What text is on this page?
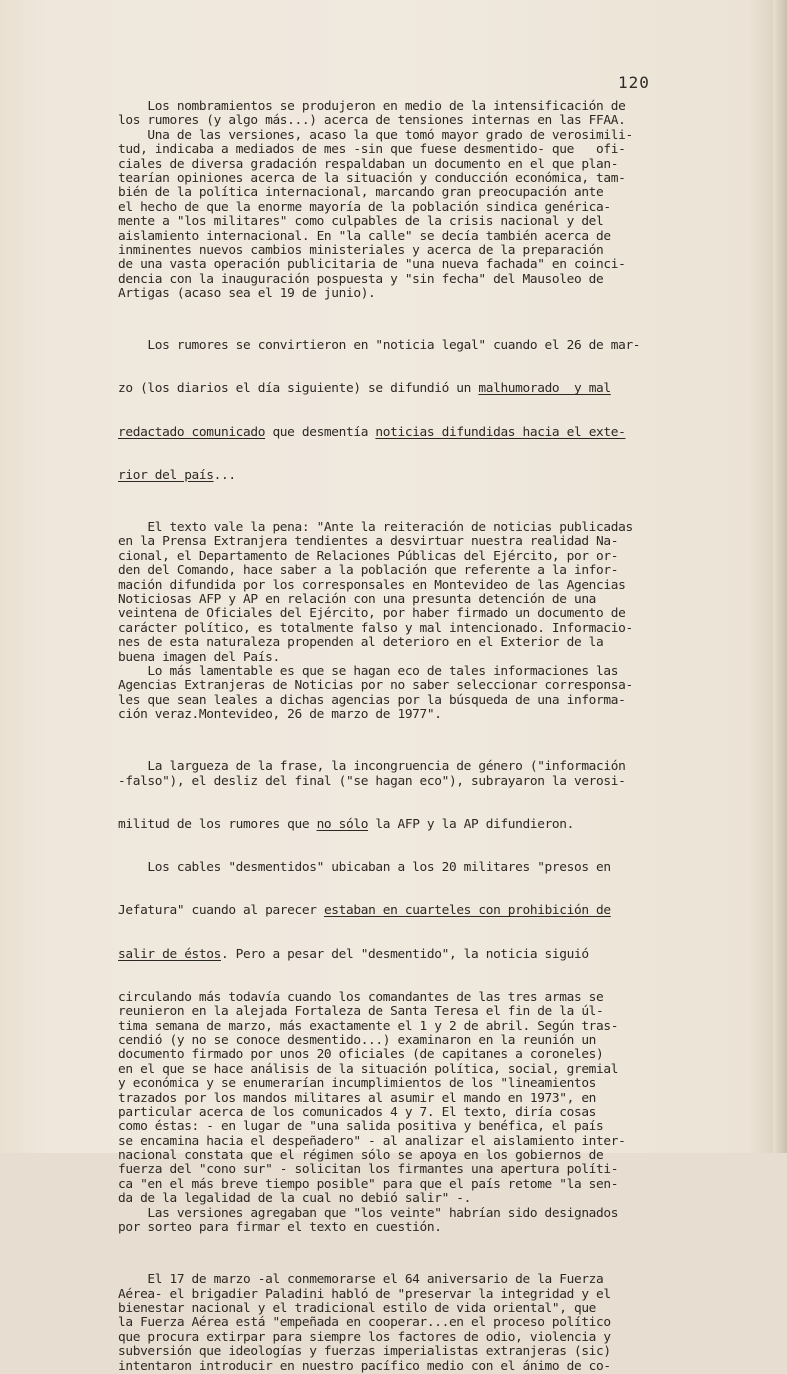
120
Los nombramientos se produjeron en medio de la intensificación de
los rumores (y algo más...) acerca de tensiones internas en las FFAA.
Una de las versiones, acaso la que tomó mayor grado de verosimili-
tud, indicaba a mediados de mes -sin que fuese desmentido- que   ofi-
ciales de diversa gradación respaldaban un documento en el que plan-
tearían opiniones acerca de la situación y conducción económica, tam-
bién de la política internacional, marcando gran preocupación ante
el hecho de que la enorme mayoría de la población sindica genérica-
mente a "los militares" como culpables de la crisis nacional y del
aislamiento internacional. En "la calle" se decía también acerca de
inminentes nuevos cambios ministeriales y acerca de la preparación
de una vasta operación publicitaria de "una nueva fachada" en coinci-
dencia con la inauguración pospuesta y "sin fecha" del Mausoleo de
Artigas (acaso sea el 19 de junio).

Los rumores se convirtieron en "noticia legal" cuando el 26 de mar-

zo (los diarios el día siguiente) se difundió un malhumorado  y mal

redactado comunicado que desmentía noticias difundidas hacia el exte-

rior del país...

El texto vale la pena: "Ante la reiteración de noticias publicadas
en la Prensa Extranjera tendientes a desvirtuar nuestra realidad Na-
cional, el Departamento de Relaciones Públicas del Ejército, por or-
den del Comando, hace saber a la población que referente a la infor-
mación difundida por los corresponsales en Montevideo de las Agencias
Noticiosas AFP y AP en relación con una presunta detención de una
veintena de Oficiales del Ejército, por haber firmado un documento de
carácter político, es totalmente falso y mal intencionado. Informacio-
nes de esta naturaleza propenden al deterioro en el Exterior de la
buena imagen del País.
Lo más lamentable es que se hagan eco de tales informaciones las
Agencias Extranjeras de Noticias por no saber seleccionar corresponsa-
les que sean leales a dichas agencias por la búsqueda de una informa-
ción veraz.Montevideo, 26 de marzo de 1977".

La largueza de la frase, la incongruencia de género ("información
-falso"), el desliz del final ("se hagan eco"), subrayaron la verosi-

militud de los rumores que no sólo la AFP y la AP difundieron.

Los cables "desmentidos" ubicaban a los 20 militares "presos en

Jefatura" cuando al parecer estaban en cuarteles con prohibición de

salir de éstos. Pero a pesar del "desmentido", la noticia siguió

circulando más todavía cuando los comandantes de las tres armas se
reunieron en la alejada Fortaleza de Santa Teresa el fin de la úl-
tima semana de marzo, más exactamente el 1 y 2 de abril. Según tras-
cendió (y no se conoce desmentido...) examinaron en la reunión un
documento firmado por unos 20 oficiales (de capitanes a coroneles)
en el que se hace análisis de la situación política, social, gremial
y económica y se enumerarían incumplimientos de los "lineamientos
trazados por los mandos militares al asumir el mando en 1973", en
particular acerca de los comunicados 4 y 7. El texto, diría cosas
como éstas: - en lugar de "una salida positiva y benéfica, el país
se encamina hacia el despeñadero" - al analizar el aislamiento inter-
nacional constata que el régimen sólo se apoya en los gobiernos de
fuerza del "cono sur" - solicitan los firmantes una apertura políti-
ca "en el más breve tiempo posible" para que el país retome "la sen-
da de la legalidad de la cual no debió salir" -.
Las versiones agregaban que "los veinte" habrían sido designados
por sorteo para firmar el texto en cuestión.

El 17 de marzo -al conmemorarse el 64 aniversario de la Fuerza
Aérea- el brigadier Paladini habló de "preservar la integridad y el
bienestar nacional y el tradicional estilo de vida oriental", que
la Fuerza Aérea está "empeñada en cooperar...en el proceso político
que procura extirpar para siempre los factores de odio, violencia y
subversión que ideologías y fuerzas imperialistas extranjeras (sic)
intentaron introducir en nuestro pacífico medio con el ánimo de co-
